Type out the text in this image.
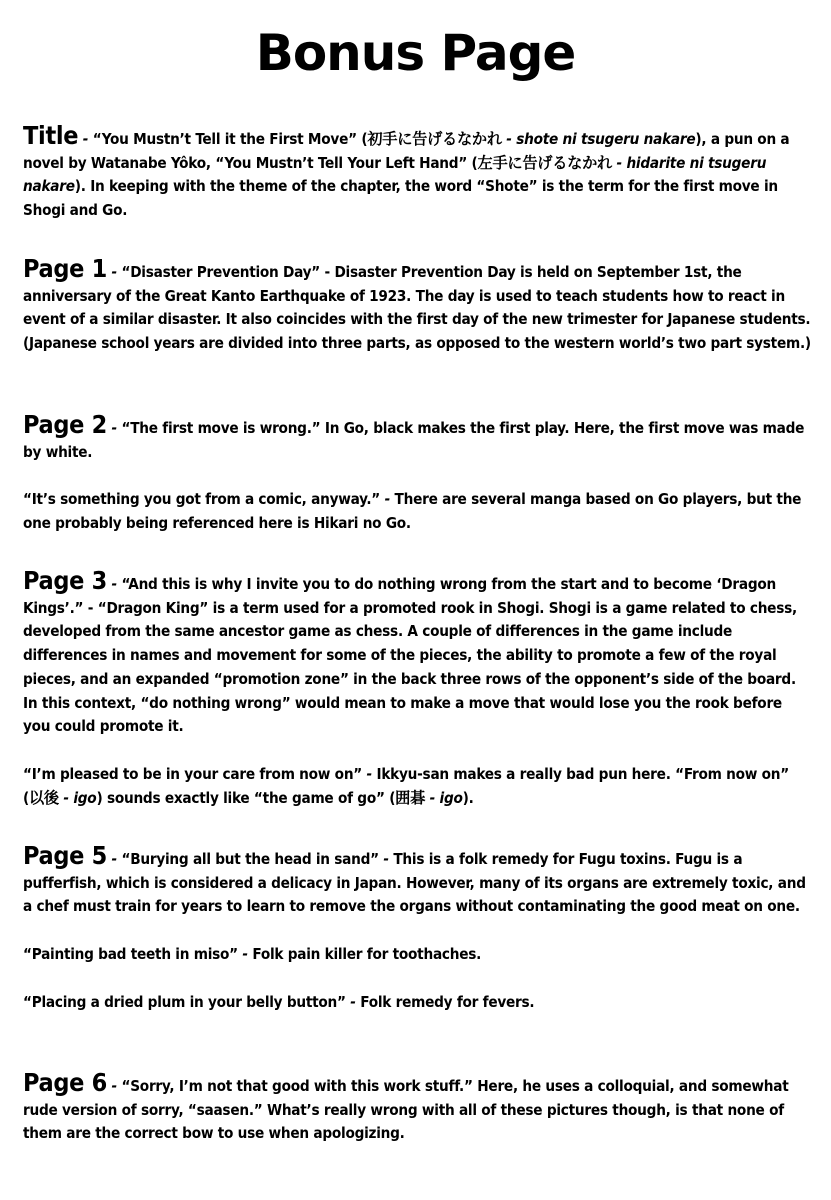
Bonus Page

Title - “You Mustn’t Tell it the First Move” (初手に告げるなかれ - shote ni tsugeru nakare), a pun on a novel by Watanabe Yôko, “You Mustn’t Tell Your Left Hand” (左手に告げるなかれ - hidarite ni tsugeru nakare). In keeping with the theme of the chapter, the word “Shote” is the term for the first move in Shogi and Go.

Page 1 - “Disaster Prevention Day” - Disaster Prevention Day is held on September 1st, the anniversary of the Great Kanto Earthquake of 1923. The day is used to teach students how to react in event of a similar disaster. It also coincides with the first day of the new trimester for Japanese students. (Japanese school years are divided into three parts, as opposed to the western world’s two part system.)

Page 2 - “The first move is wrong.” In Go, black makes the first play. Here, the first move was made by white.

“It’s something you got from a comic, anyway.” - There are several manga based on Go players, but the one probably being referenced here is Hikari no Go.

Page 3 - “And this is why I invite you to do nothing wrong from the start and to become ‘Dragon Kings’.” - “Dragon King” is a term used for a promoted rook in Shogi. Shogi is a game related to chess, developed from the same ancestor game as chess. A couple of differences in the game include differences in names and movement for some of the pieces, the ability to promote a few of the royal pieces, and an expanded “promotion zone” in the back three rows of the opponent’s side of the board. In this context, “do nothing wrong” would mean to make a move that would lose you the rook before you could promote it.

“I’m pleased to be in your care from now on” - Ikkyu-san makes a really bad pun here. “From now on” (以後 - igo) sounds exactly like “the game of go” (囲碁 - igo).

Page 5 - “Burying all but the head in sand” - This is a folk remedy for Fugu toxins. Fugu is a pufferfish, which is considered a delicacy in Japan. However, many of its organs are extremely toxic, and a chef must train for years to learn to remove the organs without contaminating the good meat on one.

“Painting bad teeth in miso” - Folk pain killer for toothaches.

“Placing a dried plum in your belly button” - Folk remedy for fevers.

Page 6 - “Sorry, I’m not that good with this work stuff.” Here, he uses a colloquial, and somewhat rude version of sorry, “saasen.” What’s really wrong with all of these pictures though, is that none of them are the correct bow to use when apologizing.
